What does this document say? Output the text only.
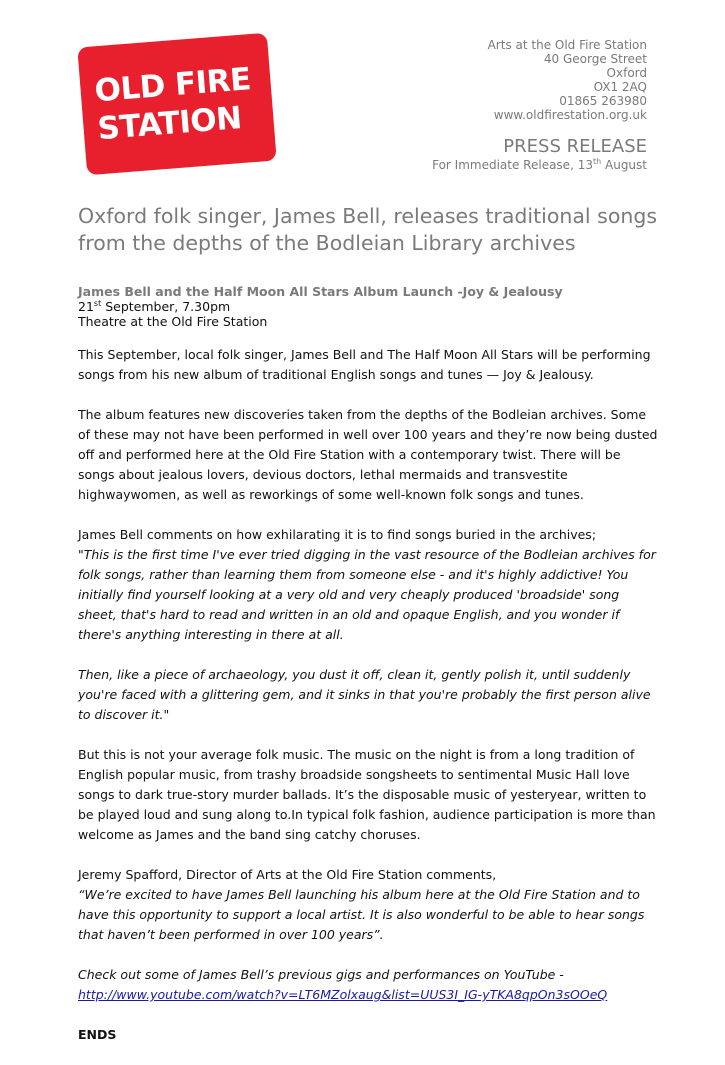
OLD FIRE
STATION
Arts at the Old Fire Station
40 George Street
Oxford
OX1 2AQ
01865 263980
www.oldfirestation.org.uk
PRESS RELEASE
For Immediate Release, 13th August
Oxford folk singer, James Bell, releases traditional songs from the depths of the Bodleian Library archives
James Bell and the Half Moon All Stars Album Launch -Joy & Jealousy
21st September, 7.30pm
Theatre at the Old Fire Station

This September, local folk singer, James Bell and The Half Moon All Stars will be performing songs from his new album of traditional English songs and tunes — Joy & Jealousy.

The album features new discoveries taken from the depths of the Bodleian archives. Some of these may not have been performed in well over 100 years and they’re now being dusted off and performed here at the Old Fire Station with a contemporary twist. There will be songs about jealous lovers, devious doctors, lethal mermaids and transvestite highwaywomen, as well as reworkings of some well-known folk songs and tunes.

James Bell comments on how exhilarating it is to find songs buried in the archives;
"This is the first time I've ever tried digging in the vast resource of the Bodleian archives for folk songs, rather than learning them from someone else - and it's highly addictive! You initially find yourself looking at a very old and very cheaply produced 'broadside' song sheet, that's hard to read and written in an old and opaque English, and you wonder if there's anything interesting in there at all.

Then, like a piece of archaeology, you dust it off, clean it, gently polish it, until suddenly you're faced with a glittering gem, and it sinks in that you're probably the first person alive to discover it."

But this is not your average folk music. The music on the night is from a long tradition of English popular music, from trashy broadside songsheets to sentimental Music Hall love songs to dark true-story murder ballads. It’s the disposable music of yesteryear, written to be played loud and sung along to.In typical folk fashion, audience participation is more than welcome as James and the band sing catchy choruses.

Jeremy Spafford, Director of Arts at the Old Fire Station comments,
“We’re excited to have James Bell launching his album here at the Old Fire Station and to have this opportunity to support a local artist. It is also wonderful to be able to hear songs that haven’t been performed in over 100 years”.

Check out some of James Bell’s previous gigs and performances on YouTube -
http://www.youtube.com/watch?v=LT6MZolxaug&list=UUS3I_IG-yTKA8qpOn3sOOeQ

ENDS
